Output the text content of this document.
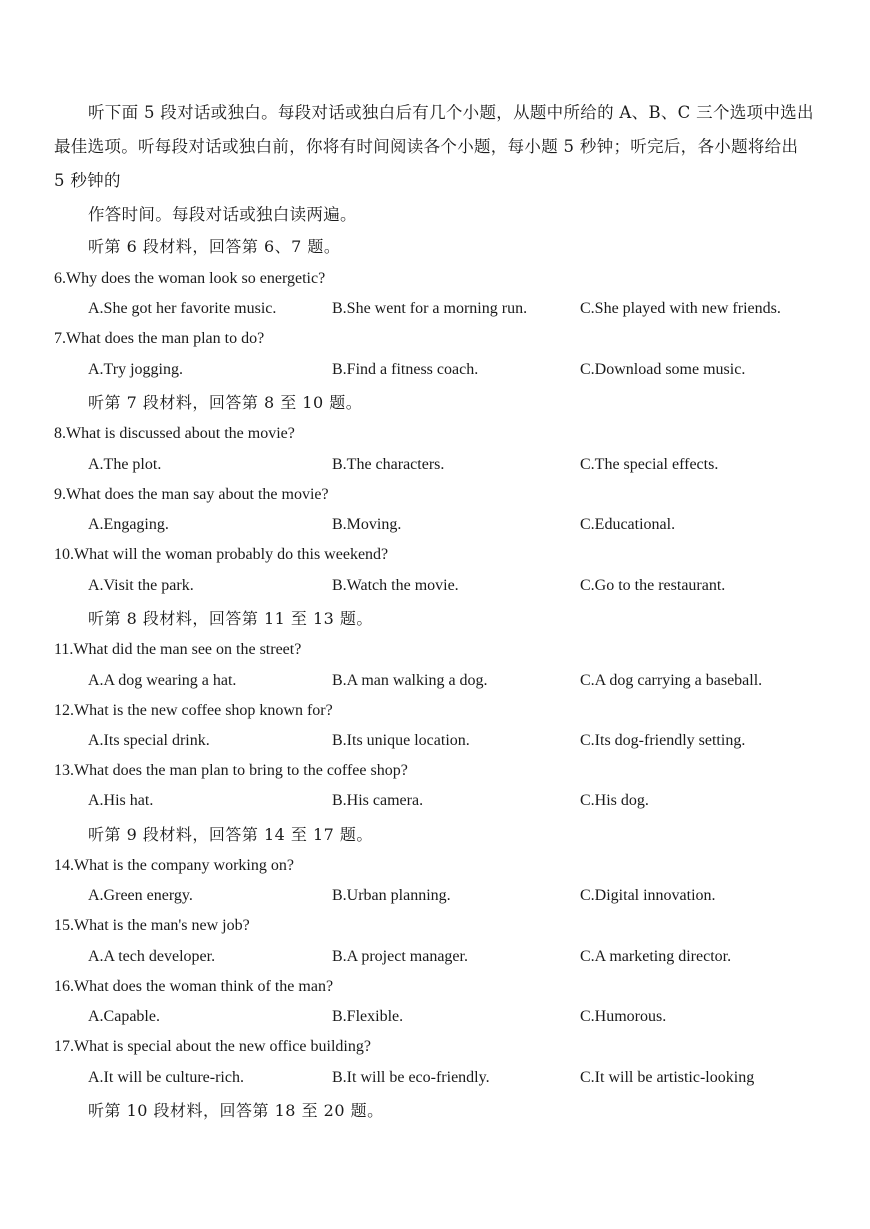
听下面 5 段对话或独白。每段对话或独白后有几个小题，从题中所给的 A、B、C 三个选项中选出

最佳选项。听每段对话或独白前，你将有时间阅读各个小题，每小题 5 秒钟；听完后，各小题将给出

5 秒钟的

作答时间。每段对话或独白读两遍。

听第 6 段材料，回答第 6、7 题。
6.Why does the woman look so energetic?
A.She got her favorite music.	B.She went for a morning run.	C.She played with new friends.
7.What does the man plan to do?
A.Try jogging.	B.Find a fitness coach.	C.Download some music.
听第 7 段材料，回答第 8 至 10 题。
8.What is discussed about the movie?
A.The plot.	B.The characters.	C.The special effects.
9.What does the man say about the movie?
A.Engaging.	B.Moving.	C.Educational.
10.What will the woman probably do this weekend?
A.Visit the park.	B.Watch the movie.	C.Go to the restaurant.
听第 8 段材料，回答第 11 至 13 题。
11.What did the man see on the street?
A.A dog wearing a hat.	B.A man walking a dog.	C.A dog carrying a baseball.
12.What is the new coffee shop known for?
A.Its special drink.	B.Its unique location.	C.Its dog-friendly setting.
13.What does the man plan to bring to the coffee shop?
A.His hat.	B.His camera.	C.His dog.
听第 9 段材料，回答第 14 至 17 题。
14.What is the company working on?
A.Green energy.	B.Urban planning.	C.Digital innovation.
15.What is the man's new job?
A.A tech developer.	B.A project manager.	C.A marketing director.
16.What does the woman think of the man?
A.Capable.	B.Flexible.	C.Humorous.
17.What is special about the new office building?
A.It will be culture-rich.	B.It will be eco-friendly.	C.It will be artistic-looking
听第 10 段材料，回答第 18 至 20 题。
